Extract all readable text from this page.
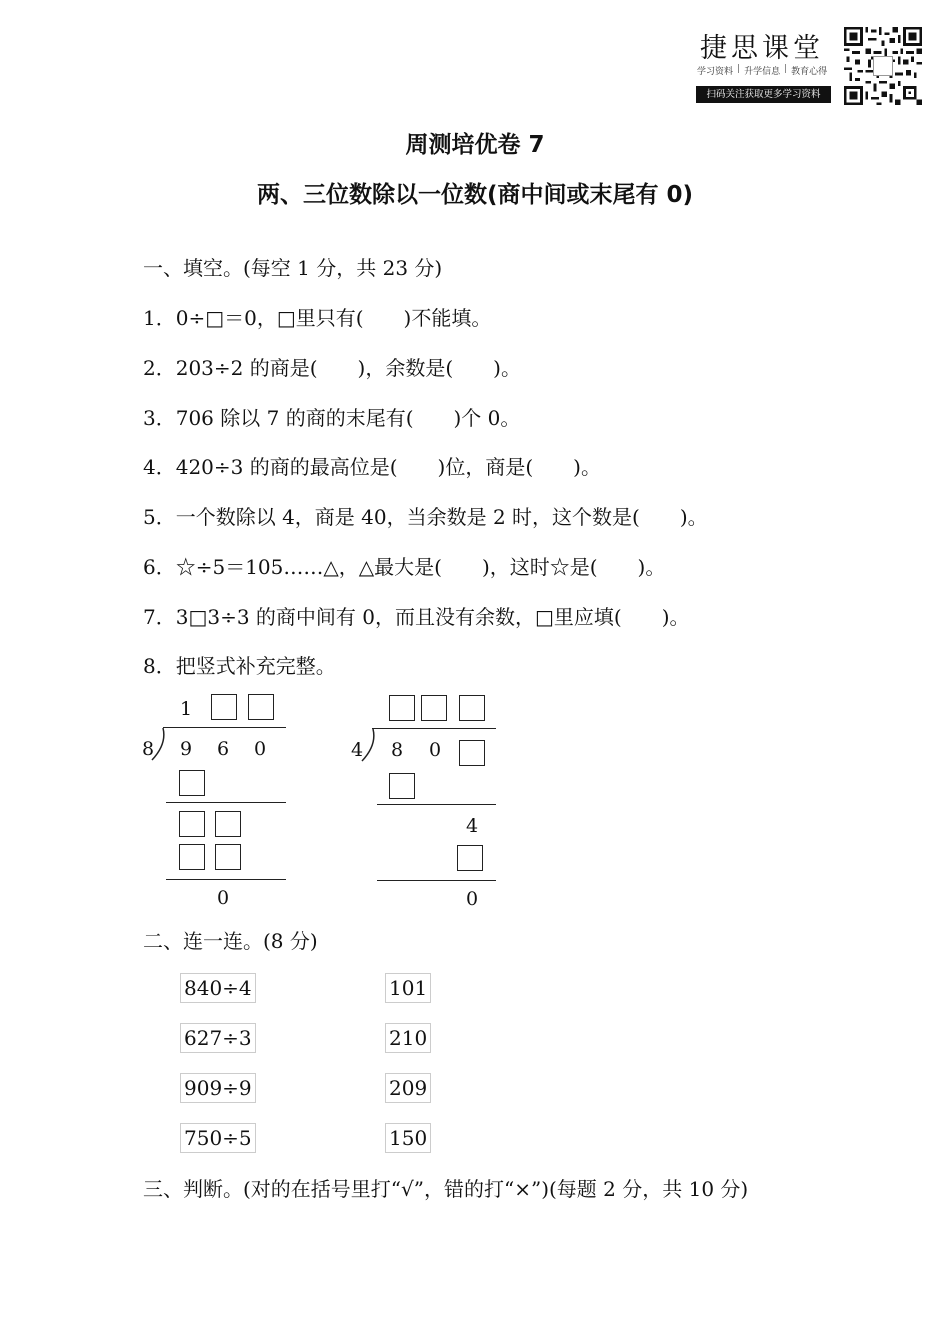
捷思课堂
学习资料 | 升学信息 | 教育心得
扫码关注获取更多学习资料
周测培优卷 7
两、三位数除以一位数(商中间或末尾有 0)
一、填空。(每空 1 分，共 23 分)
1．0÷□＝0，□里只有(　　)不能填。
2．203÷2 的商是(　　)，余数是(　　)。
3．706 除以 7 的商的末尾有(　　)个 0。
4．420÷3 的商的最高位是(　　)位，商是(　　)。
5．一个数除以 4，商是 40，当余数是 2 时，这个数是(　　)。
6．☆÷5＝105……△，△最大是(　　)，这时☆是(　　)。
7．3□3÷3 的商中间有 0，而且没有余数，□里应填(　　)。
8．把竖式补充完整。
1
8 9 6 0
0
4 8 0
4
0
二、连一连。(8 分)
840÷4
627÷3
909÷9
750÷5
101
210
209
150
三、判断。(对的在括号里打“√”，错的打“×”)(每题 2 分，共 10 分)
